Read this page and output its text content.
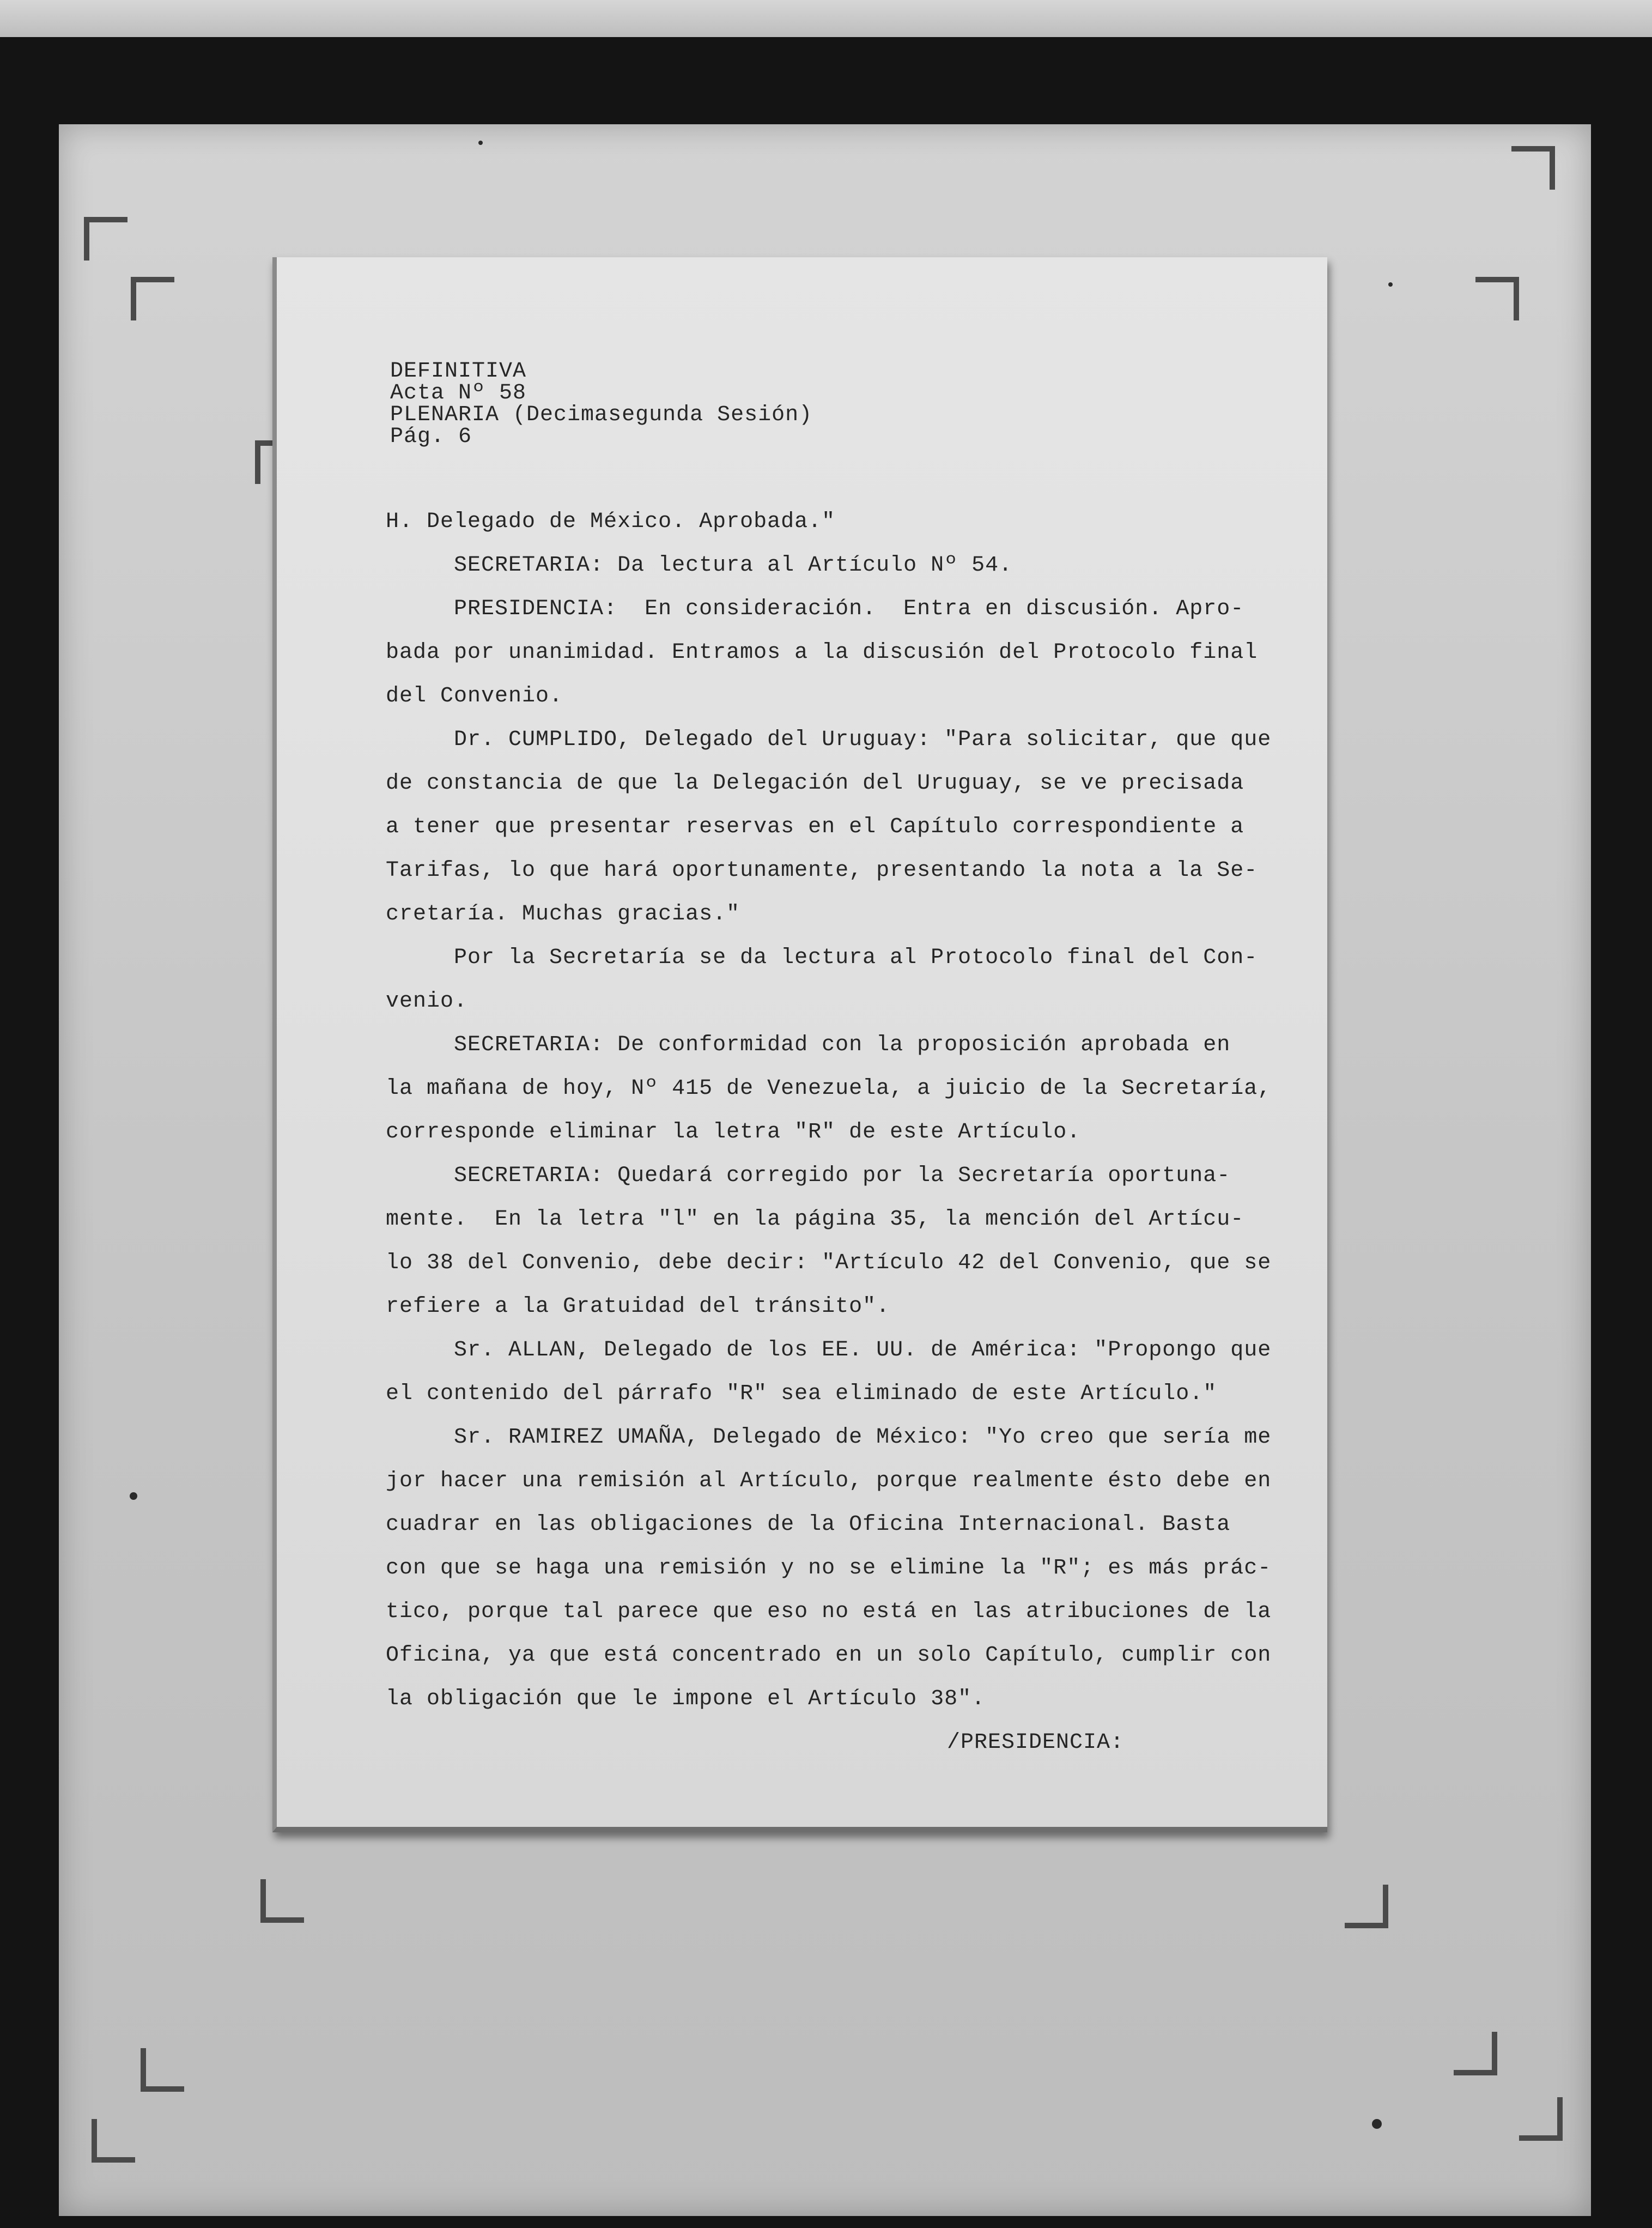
DEFINITIVA
Acta Nº 58
PLENARIA (Decimasegunda Sesión)
Pág. 6
H. Delegado de México. Aprobada."
SECRETARIA: Da lectura al Artículo Nº 54.
PRESIDENCIA:  En consideración.  Entra en discusión. Apro-
bada por unanimidad. Entramos a la discusión del Protocolo final
del Convenio.
Dr. CUMPLIDO, Delegado del Uruguay: "Para solicitar, que que
de constancia de que la Delegación del Uruguay, se ve precisada
a tener que presentar reservas en el Capítulo correspondiente a
Tarifas, lo que hará oportunamente, presentando la nota a la Se-
cretaría. Muchas gracias."
Por la Secretaría se da lectura al Protocolo final del Con-
venio.
SECRETARIA: De conformidad con la proposición aprobada en
la mañana de hoy, Nº 415 de Venezuela, a juicio de la Secretaría,
corresponde eliminar la letra "R" de este Artículo.
SECRETARIA: Quedará corregido por la Secretaría oportuna-
mente.  En la letra "l" en la página 35, la mención del Artícu-
lo 38 del Convenio, debe decir: "Artículo 42 del Convenio, que se
refiere a la Gratuidad del tránsito".
Sr. ALLAN, Delegado de los EE. UU. de América: "Propongo que
el contenido del párrafo "R" sea eliminado de este Artículo."
Sr. RAMIREZ UMAÑA, Delegado de México: "Yo creo que sería me
jor hacer una remisión al Artículo, porque realmente ésto debe en
cuadrar en las obligaciones de la Oficina Internacional. Basta
con que se haga una remisión y no se elimine la "R"; es más prác-
tico, porque tal parece que eso no está en las atribuciones de la
Oficina, ya que está concentrado en un solo Capítulo, cumplir con
la obligación que le impone el Artículo 38".
/PRESIDENCIA:
